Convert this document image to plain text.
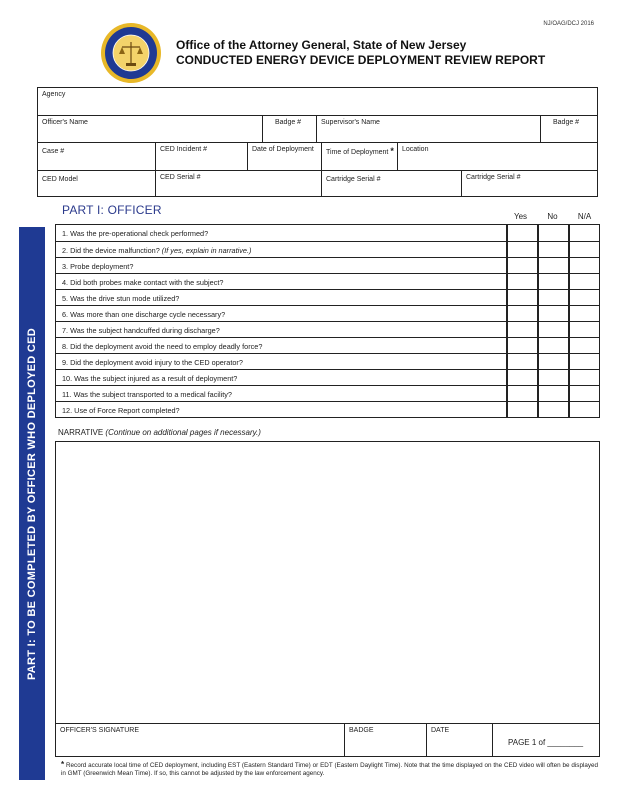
NJ/OAG/DCJ 2016
Office of the Attorney General, State of New Jersey
CONDUCTED ENERGY DEVICE DEPLOYMENT REVIEW REPORT
Agency
Officer's Name	Badge #	Supervisor's Name	Badge #
Case #	CED Incident #	Date of Deployment	Time of Deployment *	Location
CED Model	CED Serial #	Cartridge Serial #	Cartridge Serial #
PART I: OFFICER	Yes	No	N/A
PART I: TO BE COMPLETED BY OFFICER WHO DEPLOYED CED
1. Was the pre-operational check performed?
2. Did the device malfunction? (If yes, explain in narrative.)
3. Probe deployment?
4. Did both probes make contact with the subject?
5. Was the drive stun mode utilized?
6. Was more than one discharge cycle necessary?
7. Was the subject handcuffed during discharge?
8. Did the deployment avoid the need to employ deadly force?
9. Did the deployment avoid injury to the CED operator?
10. Was the subject injured as a result of deployment?
11. Was the subject transported to a medical facility?
12. Use of Force Report completed?
NARRATIVE (Continue on additional pages if necessary.)
OFFICER'S SIGNATURE	BADGE	DATE
PAGE 1 of ________
* Record accurate local time of CED deployment, including EST (Eastern Standard Time) or EDT (Eastern Daylight Time). Note that the time displayed on the CED video will often be displayed in GMT (Greenwich Mean Time). If so, this cannot be adjusted by the law enforcement agency.
